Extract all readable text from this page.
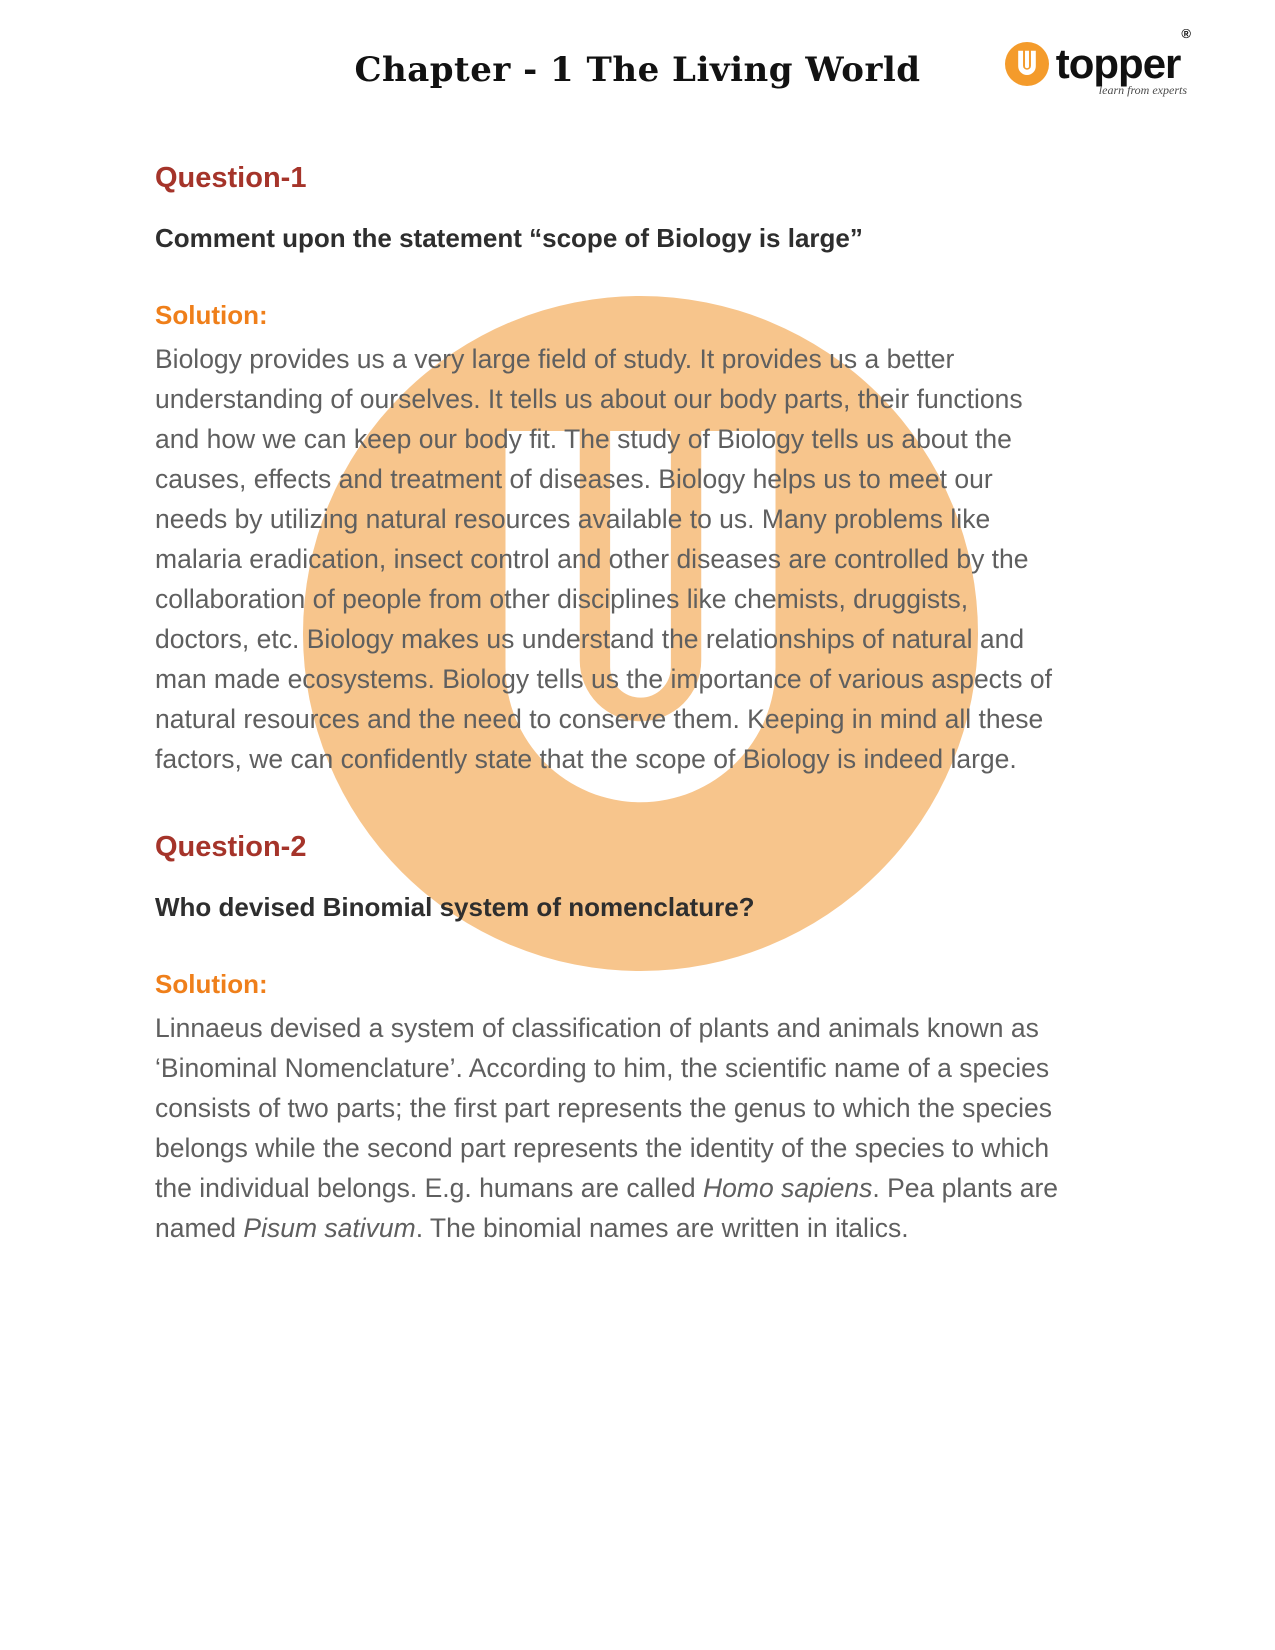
Chapter - 1 The Living World	topper®
learn from experts
Question-1

Comment upon the statement “scope of Biology is large”

Solution:

Biology provides us a very large field of study. It provides us a better understanding of ourselves. It tells us about our body parts, their functions and how we can keep our body fit. The study of Biology tells us about the causes, effects and treatment of diseases. Biology helps us to meet our needs by utilizing natural resources available to us. Many problems like malaria eradication, insect control and other diseases are controlled by the collaboration of people from other disciplines like chemists, druggists, doctors, etc. Biology makes us understand the relationships of natural and man made ecosystems. Biology tells us the importance of various aspects of natural resources and the need to conserve them. Keeping in mind all these factors, we can confidently state that the scope of Biology is indeed large.

Question-2

Who devised Binomial system of nomenclature?

Solution:

Linnaeus devised a system of classification of plants and animals known as ‘Binominal Nomenclature’. According to him, the scientific name of a species consists of two parts; the first part represents the genus to which the species belongs while the second part represents the identity of the species to which the individual belongs. E.g. humans are called Homo sapiens. Pea plants are named Pisum sativum. The binomial names are written in italics.
